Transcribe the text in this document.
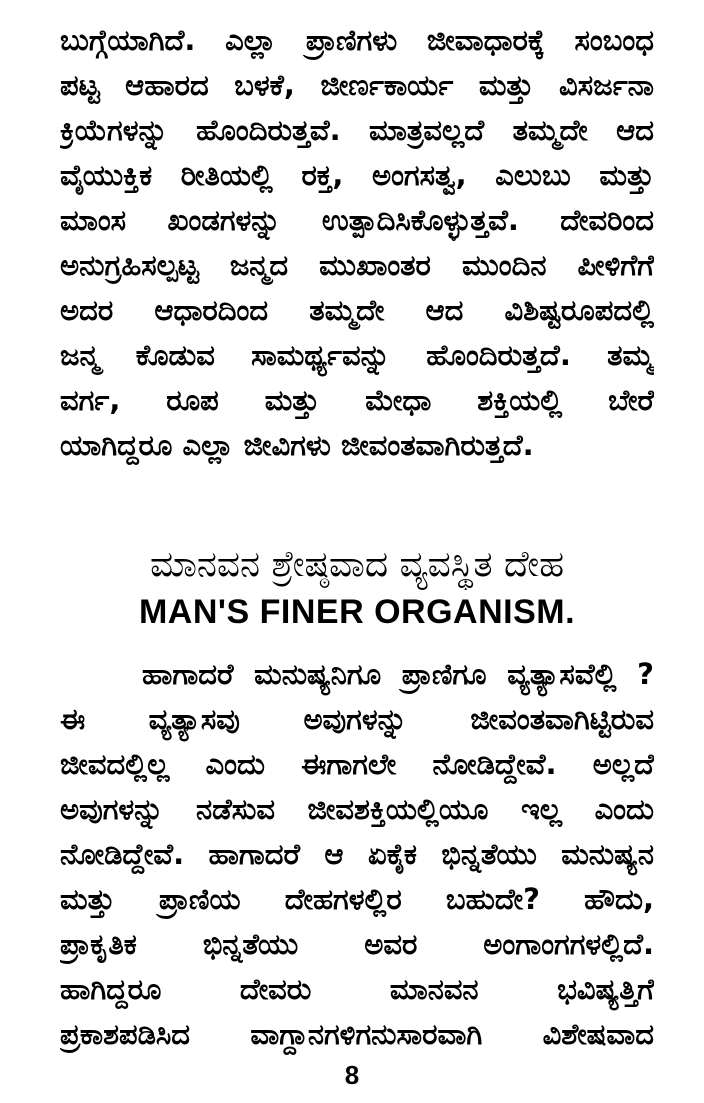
ಬುಗ್ಗೆಯಾಗಿದೆ. ಎಲ್ಲಾ ಪ್ರಾಣಿಗಳು ಜೀವಾಧಾರಕ್ಕೆ ಸಂಬಂಧ
ಪಟ್ಟ ಆಹಾರದ ಬಳಕೆ, ಜೀರ್ಣಕಾರ್ಯ ಮತ್ತು ವಿಸರ್ಜನಾ
ಕ್ರಿಯೆಗಳನ್ನು ಹೊಂದಿರುತ್ತವೆ. ಮಾತ್ರವಲ್ಲದೆ ತಮ್ಮದೇ ಆದ
ವೈಯುಕ್ತಿಕ ರೀತಿಯಲ್ಲಿ ರಕ್ತ, ಅಂಗಸತ್ವ, ಎಲುಬು ಮತ್ತು
ಮಾಂಸ ಖಂಡಗಳನ್ನು ಉತ್ಪಾದಿಸಿಕೊಳ್ಳುತ್ತವೆ. ದೇವರಿಂದ
ಅನುಗ್ರಹಿಸಲ್ಪಟ್ಟ ಜನ್ಮದ ಮುಖಾಂತರ ಮುಂದಿನ ಪೀಳಿಗೆಗೆ
ಅದರ ಆಧಾರದಿಂದ ತಮ್ಮದೇ ಆದ ವಿಶಿಷ್ಟರೂಪದಲ್ಲಿ
ಜನ್ಮ ಕೊಡುವ ಸಾಮರ್ಥ್ಯವನ್ನು ಹೊಂದಿರುತ್ತದೆ. ತಮ್ಮ
ವರ್ಗ, ರೂಪ ಮತ್ತು ಮೇಧಾ ಶಕ್ತಿಯಲ್ಲಿ ಬೇರೆ
ಯಾಗಿದ್ದರೂ ಎಲ್ಲಾ ಜೀವಿಗಳು ಜೀವಂತವಾಗಿರುತ್ತದೆ.
ಮಾನವನ ಶ್ರೇಷ್ಠವಾದ ವ್ಯವಸ್ಥಿತ ದೇಹ
MAN'S FINER ORGANISM.
ಹಾಗಾದರೆ ಮನುಷ್ಯನಿಗೂ ಪ್ರಾಣಿಗೂ ವ್ಯತ್ಯಾಸವೆಲ್ಲಿ ?
ಈ ವ್ಯತ್ಯಾಸವು ಅವುಗಳನ್ನು ಜೀವಂತವಾಗಿಟ್ಟಿರುವ
ಜೀವದಲ್ಲಿಲ್ಲ ಎಂದು ಈಗಾಗಲೇ ನೋಡಿದ್ದೇವೆ. ಅಲ್ಲದೆ
ಅವುಗಳನ್ನು ನಡೆಸುವ ಜೀವಶಕ್ತಿಯಲ್ಲಿಯೂ ಇಲ್ಲ ಎಂದು
ನೋಡಿದ್ದೇವೆ. ಹಾಗಾದರೆ ಆ ಏಕೈಕ ಭಿನ್ನತೆಯು ಮನುಷ್ಯನ
ಮತ್ತು ಪ್ರಾಣಿಯ ದೇಹಗಳಲ್ಲಿರ ಬಹುದೇ? ಹೌದು,
ಪ್ರಾಕೃತಿಕ ಭಿನ್ನತೆಯು ಅವರ ಅಂಗಾಂಗಗಳಲ್ಲಿದೆ.
ಹಾಗಿದ್ದರೂ ದೇವರು ಮಾನವನ ಭವಿಷ್ಯತ್ತಿಗೆ
ಪ್ರಕಾಶಪಡಿಸಿದ ವಾಗ್ದಾನಗಳಿಗನುಸಾರವಾಗಿ ವಿಶೇಷವಾದ
8
